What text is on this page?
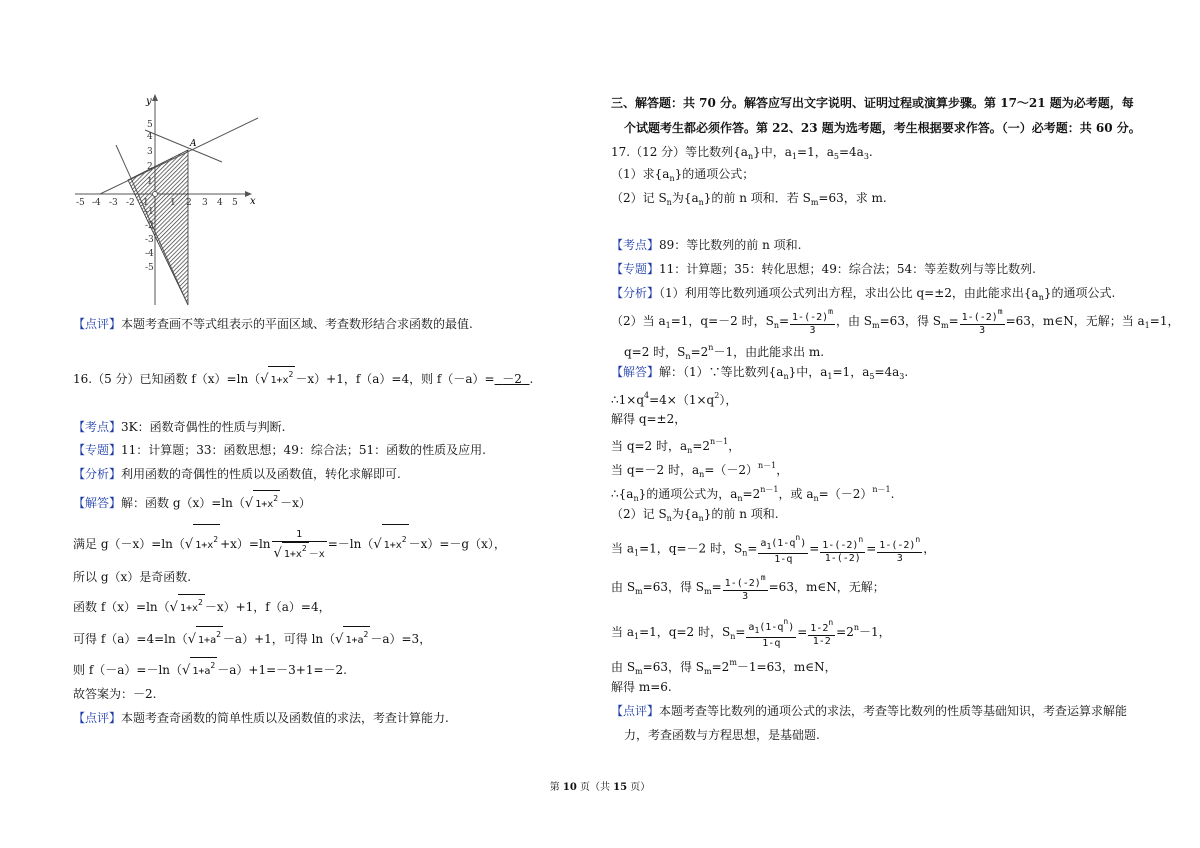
-5 -4 -3 -2 -1 1 2 3 4 5
1
2
3
4
5
-1
-2
-3
-4
-5
y
x
A
【点评】本题考查画不等式组表示的平面区域、考查数形结合求函数的最值.
16.（5 分）已知函数 f（x）=ln（√ $1+x^2 -x)+1$，f（a）=4，则 f（－a）= －2 .
【考点】3K：函数奇偶性的性质与判断.
【专题】11：计算题；33：函数思想；49：综合法；51：函数的性质及应用.
【分析】利用函数的奇偶性的性质以及函数值，转化求解即可.
【解答】解：函数 g（x）=ln（√ $1+x^2 -x$）
满足 g（－x）=ln（√ $1+x^2 +x)=\ln \frac{1}{√ 1+x^2-x} =-\ln(√$ $1+x^2 -x)=-g(x)$，
所以 g（x）是奇函数.
函数 f（x）=ln（√ $1+x^2 -x)+1$，f（a）=4，
可得 f（a）=4=ln（√ $1+a^2 -a)+1$，可得 ln（√ $1+a^2 -a)=3$，
则 f（－a）=－ln（√ $1+a^2 -a)+1=-3+1=-2$.
故答案为：－2.
【点评】本题考查奇函数的简单性质以及函数值的求法，考查计算能力.
三、解答题：共 70 分。解答应写出文字说明、证明过程或演算步骤。第 17～21 题为必考题，每
个试题考生都必须作答。第 22、23 题为选考题，考生根据要求作答。（一）必考题：共 60 分。
17.（12 分）等比数列$\{a_n\}$中，$a_1=1$，$a_5=4a_3$.
（1）求$\{a_n\}$的通项公式；
（2）记 $S_n$为$\{a_n\}$的前 n 项和．若 $S_m=63$，求 m.
【考点】89：等比数列的前 n 项和.
【专题】11：计算题；35：转化思想；49：综合法；54：等差数列与等比数列.
【分析】（1）利用等比数列通项公式列出方程，求出公比 q=±2，由此能求出$\{a_n\}$的通项公式.
（2）当 $a_1=1$，q=－2 时，$S_n= \frac{1-(-2)^m}{3}$ ，由 $S_m=63$，得 $S_m= \frac{1-(-2)^m}{3} =63$，m∈N，无解；当 $a_1=1$，
q=2 时，$S_n=2^n-1$，由此能求出 m.
【解答】解：（1）∵等比数列$\{a_n\}$中，$a_1=1$，$a_5=4a_3$.
$\therefore 1\times q^4=4\times(1\times q^2)$，
解得 q=±2，
当 q=2 时，$a_n=2^{n-1}$，
当 q=－2 时，$a_n=(-2)^{n-1}$，
$\therefore\{a_n\}$的通项公式为，$a_n=2^{n-1}$，或 $a_n=(-2)^{n-1}$.
（2）记 $S_n$为$\{a_n\}$的前 n 项和.
当 $a_1=1$，q=－2 时，$S_n= \frac{a_1(1-q^n)}{1-q} = \frac{1-(-2)^n}{1-(-2)} = \frac{1-(-2)^n}{3}$ ，
由 $S_m=63$，得 $S_m= \frac{1-(-2)^m}{3} =63$，m∈N，无解；
当 $a_1=1$，q=2 时，$S_n= \frac{a_1(1-q^n)}{1-q} = \frac{1-2^n}{1-2} =2^n-1$，
由 $S_m=63$，得 $S_m=2^m-1=63$，m∈N，
解得 m=6.
【点评】本题考查等比数列的通项公式的求法，考查等比数列的性质等基础知识，考查运算求解能
力，考查函数与方程思想，是基础题.
第 10 页（共 15 页）
